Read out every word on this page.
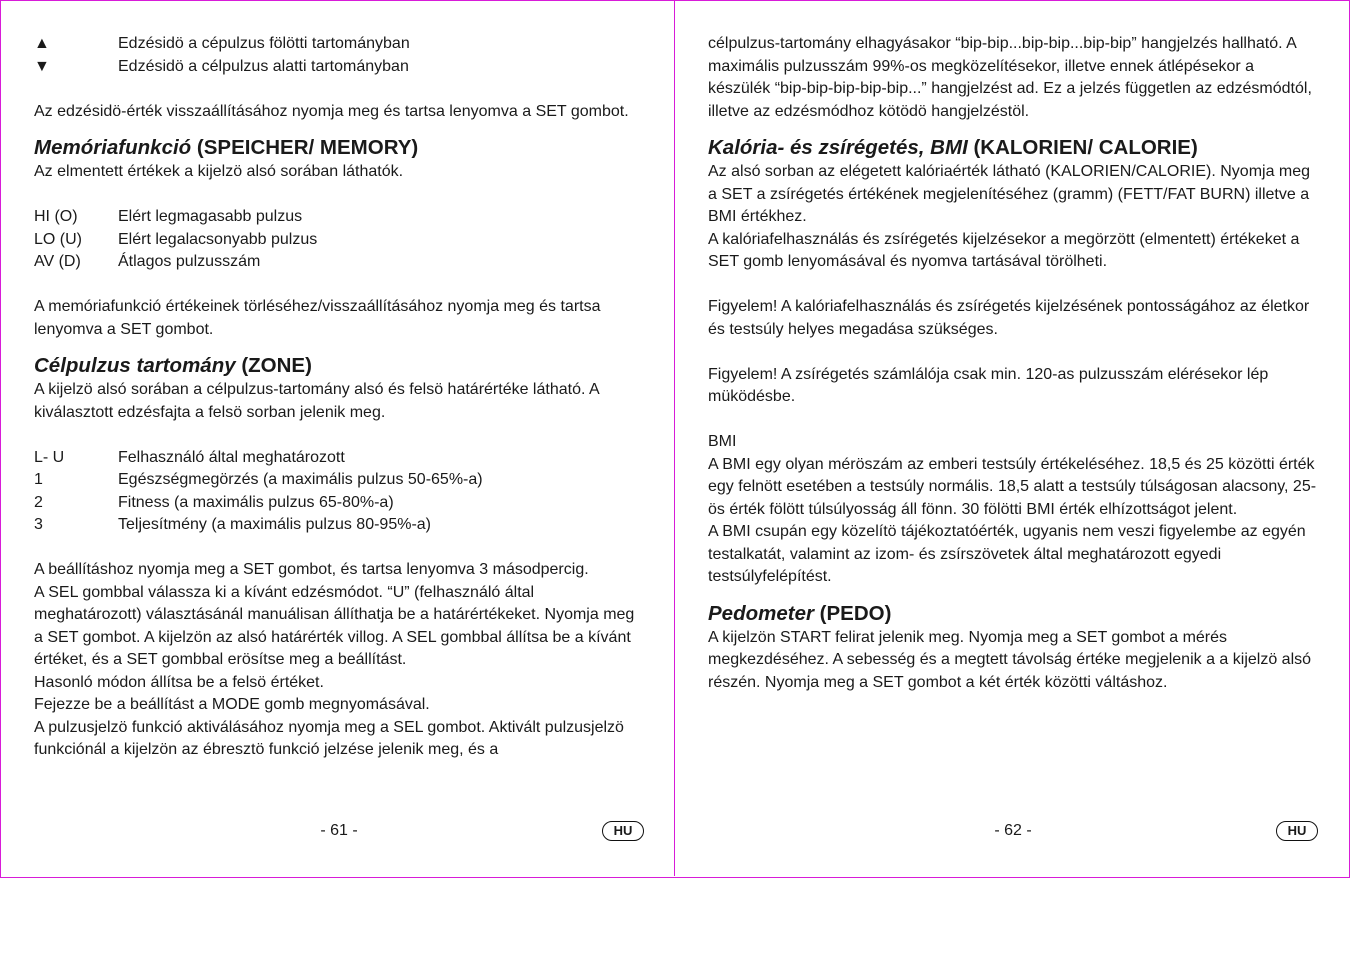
▲	Edzésidö a cépulzus fölötti tartományban
▼	Edzésidö a célpulzus alatti tartományban

Az edzésidö-érték visszaállításához nyomja meg és tartsa lenyomva a SET gombot.

Memóriafunkció (SPEICHER/ MEMORY)

Az elmentett értékek a kijelzö alsó sorában láthatók.

HI (O)	Elért legmagasabb pulzus
LO (U)	Elért legalacsonyabb pulzus
AV (D)	Átlagos pulzusszám

A memóriafunkció értékeinek törléséhez/visszaállításához nyomja meg és tartsa lenyomva a SET gombot.

Célpulzus tartomány (ZONE)

A kijelzö alsó sorában a célpulzus-tartomány alsó és felsö határértéke látható. A kiválasztott edzésfajta a felsö sorban jelenik meg.

L- U	Felhasználó által meghatározott
1	Egészségmegörzés (a maximális pulzus 50-65%-a)
2	Fitness (a maximális pulzus 65-80%-a)
3	Teljesítmény (a maximális pulzus 80-95%-a)

A beállításhoz nyomja meg a SET gombot, és tartsa lenyomva 3 másodpercig.

A SEL gombbal válassza ki a kívánt edzésmódot. “U” (felhasználó által meghatározott) választásánál manuálisan állíthatja be a határértékeket. Nyomja meg a SET gombot. A kijelzön az alsó határérték villog. A SEL gombbal állítsa be a kívánt értéket, és a SET gombbal erösítse meg a beállítást.

Hasonló módon állítsa be a felsö értéket.

Fejezze be a beállítást a MODE gomb megnyomásával.

A pulzusjelzö funkció aktiválásához nyomja meg a SEL gombot. Aktivált pulzusjelzö funkciónál a kijelzön az ébresztö funkció jelzése jelenik meg, és a

- 61 -	HU

célpulzus-tartomány elhagyásakor “bip-bip...bip-bip...bip-bip” hangjelzés hallható. A maximális pulzusszám 99%-os megközelítésekor, illetve ennek átlépésekor a készülék “bip-bip-bip-bip-bip...” hangjelzést ad. Ez a jelzés független az edzésmódtól, illetve az edzésmódhoz kötödö hangjelzéstöl.

Kalória- és zsírégetés, BMI (KALORIEN/ CALORIE)

Az alsó sorban az elégetett kalóriaérték látható (KALORIEN/CALORIE). Nyomja meg a SET a zsírégetés értékének megjelenítéséhez (gramm) (FETT/FAT BURN) illetve a BMI értékhez.

A kalóriafelhasználás és zsírégetés kijelzésekor a megörzött (elmentett) értékeket a SET gomb lenyomásával és nyomva tartásával törölheti.

Figyelem! A kalóriafelhasználás és zsírégetés kijelzésének pontosságához az életkor és testsúly helyes megadása szükséges.

Figyelem! A zsírégetés számlálója csak min. 120-as pulzusszám elérésekor lép müködésbe.

BMI

A BMI egy olyan méröszám az emberi testsúly értékeléséhez. 18,5 és 25 közötti érték egy felnött esetében a testsúly normális. 18,5 alatt a testsúly túlságosan alacsony, 25-ös érték fölött túlsúlyosság áll fönn. 30 fölötti BMI érték elhízottságot jelent.

A BMI csupán egy közelítö tájékoztatóérték, ugyanis nem veszi figyelembe az egyén testalkatát, valamint az izom- és zsírszövetek által meghatározott egyedi testsúlyfelépítést.

Pedometer (PEDO)

A kijelzön START felirat jelenik meg. Nyomja meg a SET gombot a mérés megkezdéséhez. A sebesség és a megtett távolság értéke megjelenik a a kijelzö alsó részén. Nyomja meg a SET gombot a két érték közötti váltáshoz.

- 62 -	HU
